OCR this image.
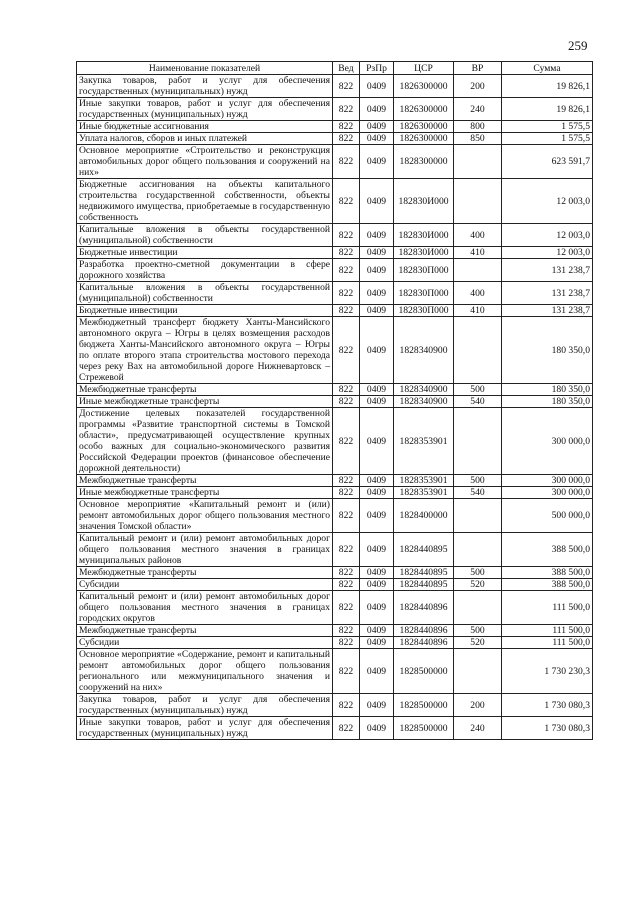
259
Наименование показателей	Вед	РзПр	ЦСР	ВР	Сумма
Закупка товаров, работ и услуг для обеспечения государственных (муниципальных) нужд	822	0409	1826300000	200	19 826,1
Иные закупки товаров, работ и услуг для обеспечения государственных (муниципальных) нужд	822	0409	1826300000	240	19 826,1
Иные бюджетные ассигнования	822	0409	1826300000	800	1 575,5
Уплата налогов, сборов и иных платежей	822	0409	1826300000	850	1 575,5
Основное мероприятие «Строительство и реконструкция автомобильных дорог общего пользования и сооружений на них»	822	0409	1828300000		623 591,7
Бюджетные ассигнования на объекты капитального строительства государственной собственности, объекты недвижимого имущества, приобретаемые в государственную собственность	822	0409	182830И000		12 003,0
Капитальные вложения в объекты государственной (муниципальной) собственности	822	0409	182830И000	400	12 003,0
Бюджетные инвестиции	822	0409	182830И000	410	12 003,0
Разработка проектно-сметной документации в сфере дорожного хозяйства	822	0409	182830П000		131 238,7
Капитальные вложения в объекты государственной (муниципальной) собственности	822	0409	182830П000	400	131 238,7
Бюджетные инвестиции	822	0409	182830П000	410	131 238,7
Межбюджетный трансферт бюджету Ханты-Мансийского автономного округа – Югры в целях возмещения расходов бюджета Ханты-Мансийского автономного округа – Югры по оплате второго этапа строительства мостового перехода через реку Вах на автомобильной дороге Нижневартовск – Стрежевой	822	0409	1828340900		180 350,0
Межбюджетные трансферты	822	0409	1828340900	500	180 350,0
Иные межбюджетные трансферты	822	0409	1828340900	540	180 350,0
Достижение целевых показателей государственной программы «Развитие транспортной системы в Томской области», предусматривающей осуществление крупных особо важных для социально-экономического развития Российской Федерации проектов (финансовое обеспечение дорожной деятельности)	822	0409	1828353901		300 000,0
Межбюджетные трансферты	822	0409	1828353901	500	300 000,0
Иные межбюджетные трансферты	822	0409	1828353901	540	300 000,0
Основное мероприятие «Капитальный ремонт и (или) ремонт автомобильных дорог общего пользования местного значения Томской области»	822	0409	1828400000		500 000,0
Капитальный ремонт и (или) ремонт автомобильных дорог общего пользования местного значения в границах муниципальных районов	822	0409	1828440895		388 500,0
Межбюджетные трансферты	822	0409	1828440895	500	388 500,0
Субсидии	822	0409	1828440895	520	388 500,0
Капитальный ремонт и (или) ремонт автомобильных дорог общего пользования местного значения в границах городских округов	822	0409	1828440896		111 500,0
Межбюджетные трансферты	822	0409	1828440896	500	111 500,0
Субсидии	822	0409	1828440896	520	111 500,0
Основное мероприятие «Содержание, ремонт и капитальный ремонт автомобильных дорог общего пользования регионального или межмуниципального значения и сооружений на них»	822	0409	1828500000		1 730 230,3
Закупка товаров, работ и услуг для обеспечения государственных (муниципальных) нужд	822	0409	1828500000	200	1 730 080,3
Иные закупки товаров, работ и услуг для обеспечения государственных (муниципальных) нужд	822	0409	1828500000	240	1 730 080,3
